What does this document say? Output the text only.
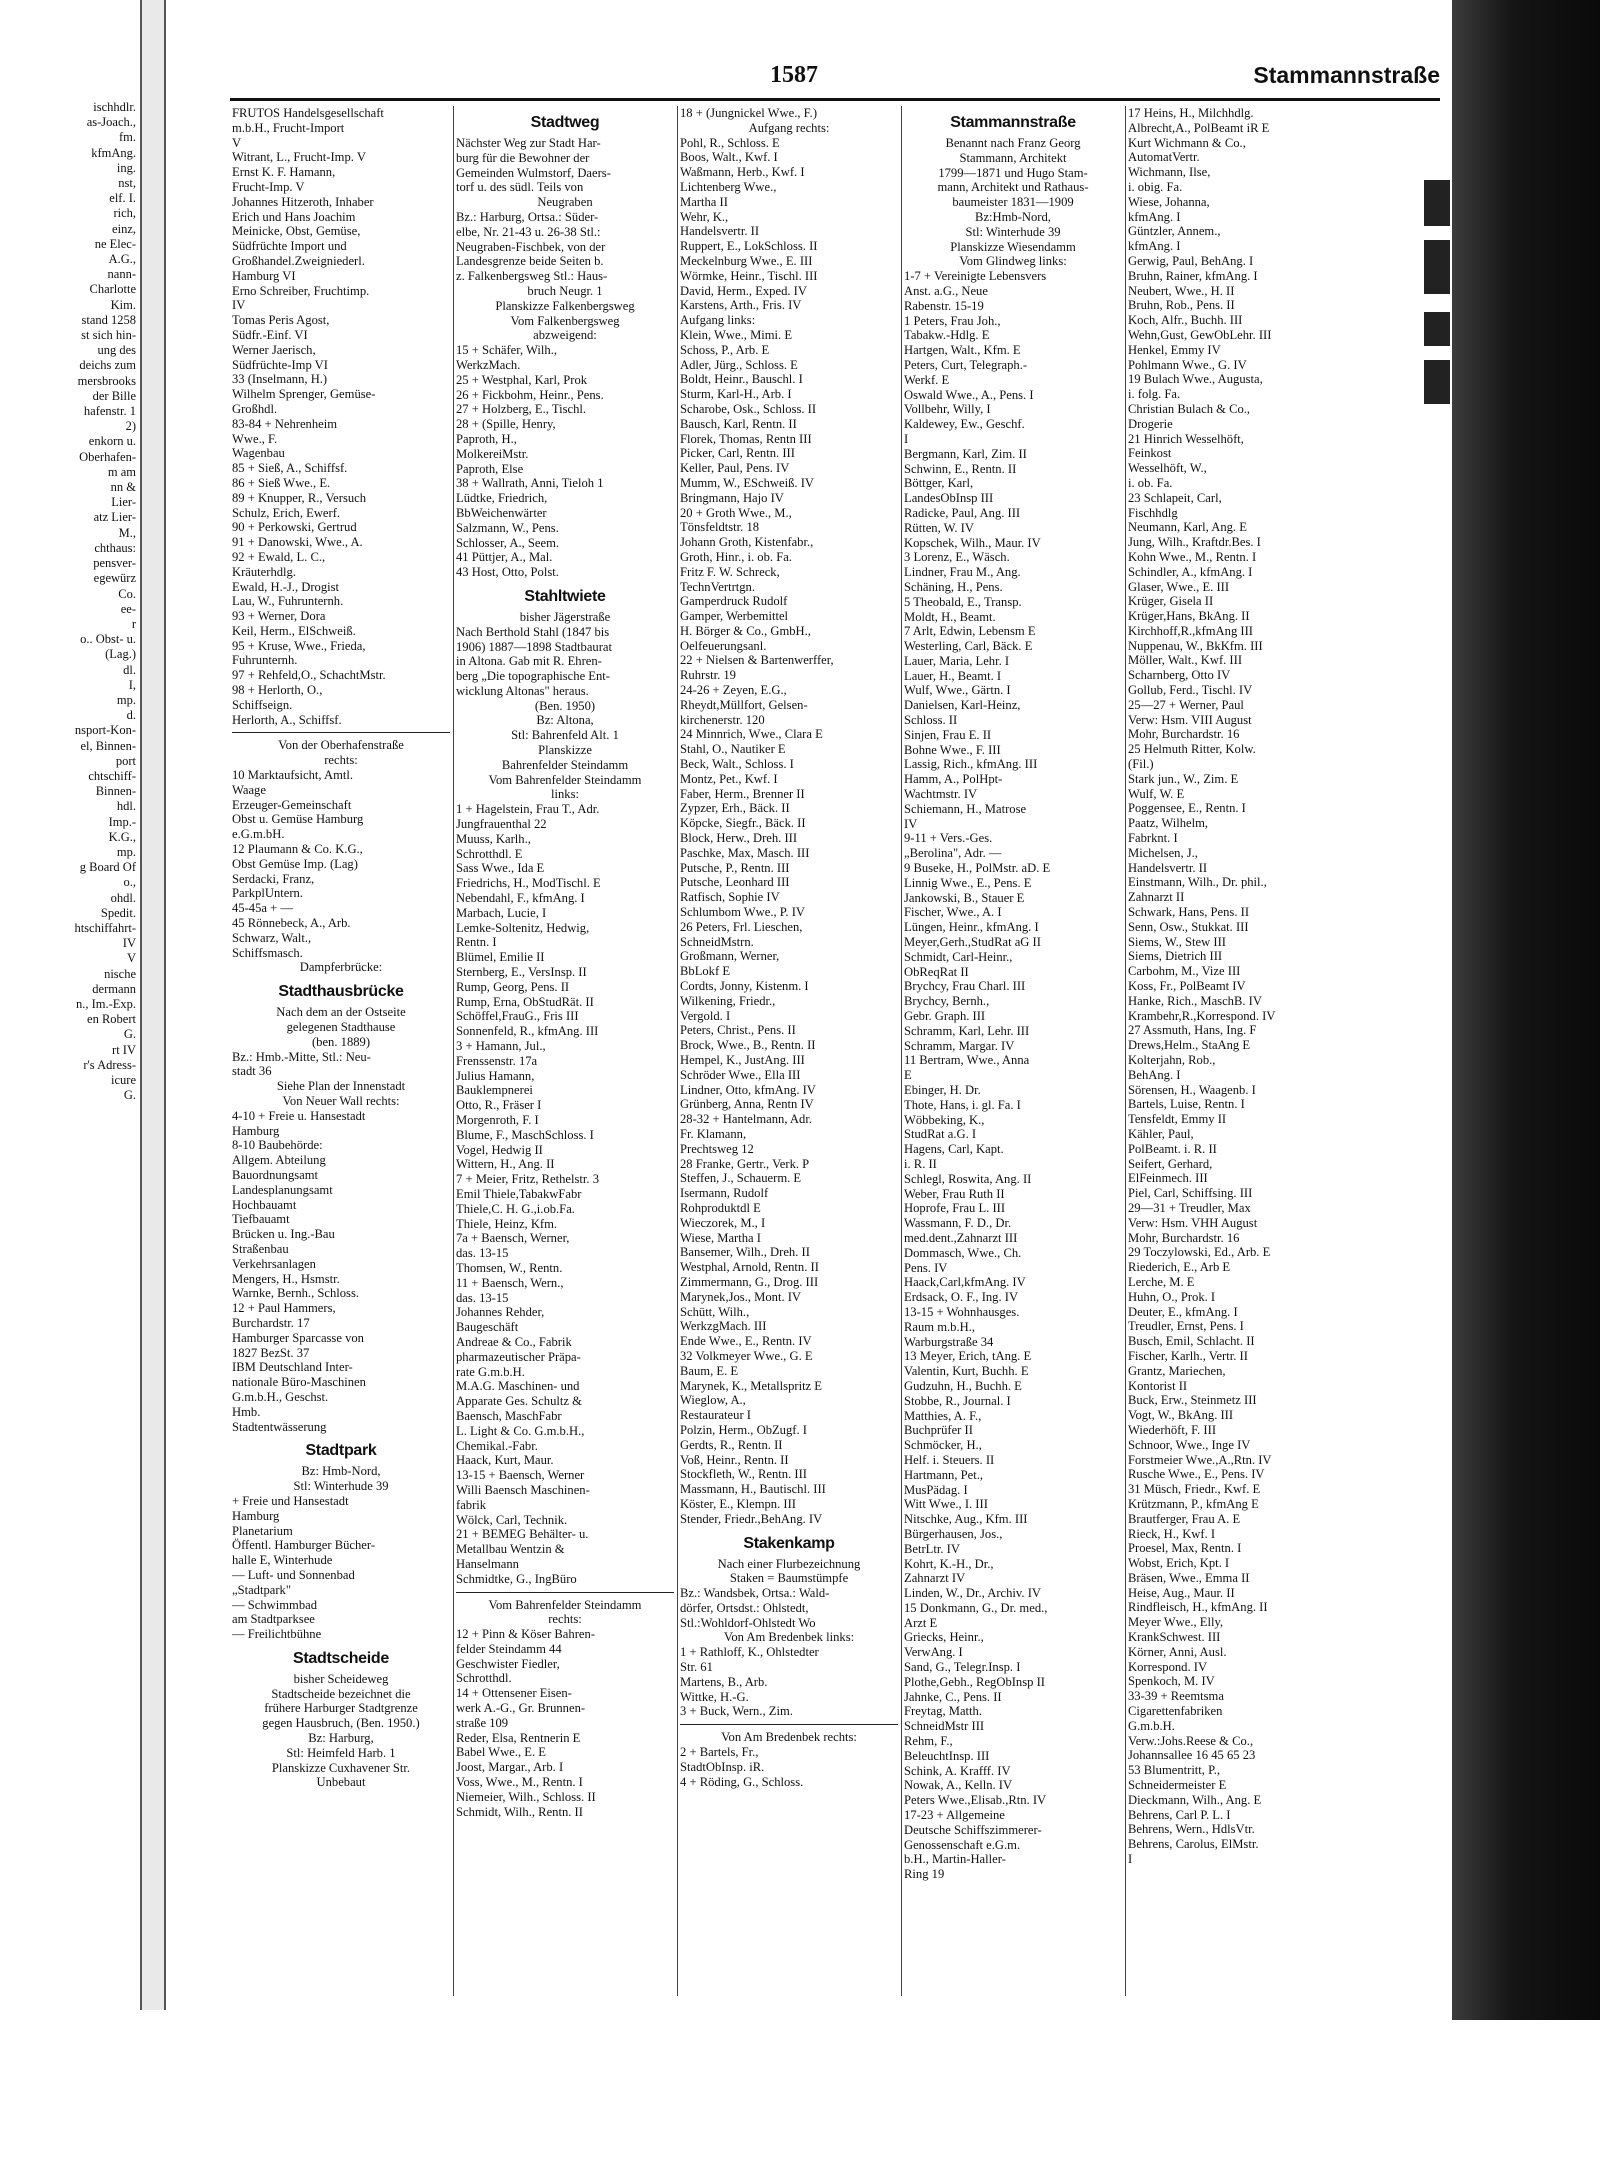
ischhdlr.
as-Joach.,
fm.
kfmAng.
ing.
nst,
elf. I.
rich,
einz,
ne Elec-
A.G.,
nann-
Charlotte
Kim.
stand 1258
st sich hin-
ung des
deichs zum
mersbrooks
der Bille
hafenstr. 1
2)
enkorn u.
Oberhafen-
m am
nn &
Lier-
atz Lier-
M.,
chthaus:
pensver-
egewürz
Co.
ee-
r
o.. Obst- u.
(Lag.)
dl.
I,
mp.
d.
nsport-Kon-
el, Binnen-
port
chtschiff-
Binnen-
hdl.
Imp.-
K.G.,
mp.
g Board Of
o.,
ohdl.
Spedit.
htschiffahrt-
IV
V
nische
dermann
n., Im.-Exp.
en Robert
G.
rt IV
r's Adress-
icure
G.
1587	Stammannstraße
FRUTOS Handelsgesellschaft
m.b.H., Frucht-Import
V
Witrant, L., Frucht-Imp. V
Ernst K. F. Hamann,
Frucht-Imp. V
Johannes Hitzeroth, Inhaber
Erich und Hans Joachim
Meinicke, Obst, Gemüse,
Südfrüchte Import und
Großhandel.Zweigniederl.
Hamburg VI
Erno Schreiber, Fruchtimp.
IV
Tomas Peris Agost,
Südfr.-Einf. VI
Werner Jaerisch,
Südfrüchte-Imp VI
33 (Inselmann, H.)
Wilhelm Sprenger, Gemüse-
Großhdl.
83-84 + Nehrenheim
Wwe., F.
Wagenbau
85 + Sieß, A., Schiffsf.
86 + Sieß Wwe., E.
89 + Knupper, R., Versuch
Schulz, Erich, Ewerf.
90 + Perkowski, Gertrud
91 + Danowski, Wwe., A.
92 + Ewald, L. C.,
Kräuterhdlg.
Ewald, H.-J., Drogist
Lau, W., Fuhrunternh.
93 + Werner, Dora
Keil, Herm., ElSchweiß.
95 + Kruse, Wwe., Frieda,
Fuhrunternh.
97 + Rehfeld,O., SchachtMstr.
98 + Herlorth, O.,
Schiffseign.
Herlorth, A., Schiffsf.
Von der Oberhafenstraße
rechts:
10 Marktaufsicht, Amtl.
Waage
Erzeuger-Gemeinschaft
Obst u. Gemüse Hamburg
e.G.m.bH.
12 Plaumann & Co. K.G.,
Obst Gemüse Imp. (Lag)
Serdacki, Franz,
ParkplUntern.
45-45a + —
45 Rönnebeck, A., Arb.
Schwarz, Walt.,
Schiffsmasch.
Dampferbrücke:
Stadthausbrücke
Nach dem an der Ostseite
gelegenen Stadthause
(ben. 1889)
Bz.: Hmb.-Mitte, Stl.: Neu-
stadt 36
Siehe Plan der Innenstadt
Von Neuer Wall rechts:
4-10 + Freie u. Hansestadt
Hamburg
8-10 Baubehörde:
Allgem. Abteilung
Bauordnungsamt
Landesplanungsamt
Hochbauamt
Tiefbauamt
Brücken u. Ing.-Bau
Straßenbau
Verkehrsanlagen
Mengers, H., Hsmstr.
Warnke, Bernh., Schloss.
12 + Paul Hammers,
Burchardstr. 17
Hamburger Sparcasse von
1827 BezSt. 37
IBM Deutschland Inter-
nationale Büro-Maschinen
G.m.b.H., Geschst.
Hmb.
Stadtentwässerung
Stadtpark
Bz: Hmb-Nord,
Stl: Winterhude 39
+ Freie und Hansestadt
Hamburg
Planetarium
Öffentl. Hamburger Bücher-
halle E, Winterhude
— Luft- und Sonnenbad
„Stadtpark"
— Schwimmbad
am Stadtparksee
— Freilichtbühne
Stadtscheide
bisher Scheideweg
Stadtscheide bezeichnet die
frühere Harburger Stadtgrenze
gegen Hausbruch, (Ben. 1950.)
Bz: Harburg,
Stl: Heimfeld Harb. 1
Planskizze Cuxhavener Str.
Unbebaut
Stadtweg
Nächster Weg zur Stadt Har-
burg für die Bewohner der
Gemeinden Wulmstorf, Daers-
torf u. des südl. Teils von
Neugraben
Bz.: Harburg, Ortsa.: Süder-
elbe, Nr. 21-43 u. 26-38 Stl.:
Neugraben-Fischbek, von der
Landesgrenze beide Seiten b.
z. Falkenbergsweg Stl.: Haus-
bruch Neugr. 1
Planskizze Falkenbergsweg
Vom Falkenbergsweg
abzweigend:
15 + Schäfer, Wilh.,
WerkzMach.
25 + Westphal, Karl, Prok
26 + Fickbohm, Heinr., Pens.
27 + Holzberg, E., Tischl.
28 + (Spille, Henry,
Paproth, H.,
MolkereiMstr.
Paproth, Else
38 + Wallrath, Anni, Tieloh 1
Lüdtke, Friedrich,
BbWeichenwärter
Salzmann, W., Pens.
Schlosser, A., Seem.
41 Püttjer, A., Mal.
43 Host, Otto, Polst.
Stahltwiete
bisher Jägerstraße
Nach Berthold Stahl (1847 bis
1906) 1887—1898 Stadtbaurat
in Altona. Gab mit R. Ehren-
berg „Die topographische Ent-
wicklung Altonas" heraus.
(Ben. 1950)
Bz: Altona,
Stl: Bahrenfeld Alt. 1
Planskizze
Bahrenfelder Steindamm
Vom Bahrenfelder Steindamm
links:
1 + Hagelstein, Frau T., Adr.
Jungfrauenthal 22
Muuss, Karlh.,
Schrotthdl. E
Sass Wwe., Ida E
Friedrichs, H., ModTischl. E
Nebendahl, F., kfmAng. I
Marbach, Lucie, I
Lemke-Soltenitz, Hedwig,
Rentn. I
Blümel, Emilie II
Sternberg, E., VersInsp. II
Rump, Georg, Pens. II
Rump, Erna, ObStudRät. II
Schöffel,FrauG., Fris III
Sonnenfeld, R., kfmAng. III
3 + Hamann, Jul.,
Frenssenstr. 17a
Julius Hamann,
Bauklempnerei
Otto, R., Fräser I
Morgenroth, F. I
Blume, F., MaschSchloss. I
Vogel, Hedwig II
Wittern, H., Ang. II
7 + Meier, Fritz, Rethelstr. 3
Emil Thiele,TabakwFabr
Thiele,C. H. G.,i.ob.Fa.
Thiele, Heinz, Kfm.
7a + Baensch, Werner,
das. 13-15
Thomsen, W., Rentn.
11 + Baensch, Wern.,
das. 13-15
Johannes Rehder,
Baugeschäft
Andreae & Co., Fabrik
pharmazeutischer Präpa-
rate G.m.b.H.
M.A.G. Maschinen- und
Apparate Ges. Schultz &
Baensch, MaschFabr
L. Light & Co. G.m.b.H.,
Chemikal.-Fabr.
Haack, Kurt, Maur.
13-15 + Baensch, Werner
Willi Baensch Maschinen-
fabrik
Wölck, Carl, Technik.
21 + BEMEG Behälter- u.
Metallbau Wentzin &
Hanselmann
Schmidtke, G., IngBüro
Vom Bahrenfelder Steindamm
rechts:
12 + Pinn & Köser Bahren-
felder Steindamm 44
Geschwister Fiedler,
Schrotthdl.
14 + Ottensener Eisen-
werk A.-G., Gr. Brunnen-
straße 109
Reder, Elsa, Rentnerin E
Babel Wwe., E. E
Joost, Margar., Arb. I
Voss, Wwe., M., Rentn. I
Niemeier, Wilh., Schloss. II
Schmidt, Wilh., Rentn. II
18 + (Jungnickel Wwe., F.)
Aufgang rechts:
Pohl, R., Schloss. E
Boos, Walt., Kwf. I
Waßmann, Herb., Kwf. I
Lichtenberg Wwe.,
Martha II
Wehr, K.,
Handelsvertr. II
Ruppert, E., LokSchloss. II
Meckelnburg Wwe., E. III
Wörmke, Heinr., Tischl. III
David, Herm., Exped. IV
Karstens, Arth., Fris. IV
Aufgang links:
Klein, Wwe., Mimi. E
Schoss, P., Arb. E
Adler, Jürg., Schloss. E
Boldt, Heinr., Bauschl. I
Sturm, Karl-H., Arb. I
Scharobe, Osk., Schloss. II
Bausch, Karl, Rentn. II
Florek, Thomas, Rentn III
Picker, Carl, Rentn. III
Keller, Paul, Pens. IV
Mumm, W., ESchweiß. IV
Bringmann, Hajo IV
20 + Groth Wwe., M.,
Tönsfeldtstr. 18
Johann Groth, Kistenfabr.,
Groth, Hinr., i. ob. Fa.
Fritz F. W. Schreck,
TechnVertrtgn.
Gamperdruck Rudolf
Gamper, Werbemittel
H. Börger & Co., GmbH.,
Oelfeuerungsanl.
22 + Nielsen & Bartenwerffer,
Ruhrstr. 19
24-26 + Zeyen, E.G.,
Rheydt,Müllfort, Gelsen-
kirchenerstr. 120
24 Minnrich, Wwe., Clara E
Stahl, O., Nautiker E
Beck, Walt., Schloss. I
Montz, Pet., Kwf. I
Faber, Herm., Brenner II
Zypzer, Erh., Bäck. II
Köpcke, Siegfr., Bäck. II
Block, Herw., Dreh. III
Paschke, Max, Masch. III
Putsche, P., Rentn. III
Putsche, Leonhard III
Ratfisch, Sophie IV
Schlumbom Wwe., P. IV
26 Peters, Frl. Lieschen,
SchneidMstrn.
Großmann, Werner,
BbLokf E
Cordts, Jonny, Kistenm. I
Wilkening, Friedr.,
Vergold. I
Peters, Christ., Pens. II
Brock, Wwe., B., Rentn. II
Hempel, K., JustAng. III
Schröder Wwe., Ella III
Lindner, Otto, kfmAng. IV
Grünberg, Anna, Rentn IV
28-32 + Hantelmann, Adr.
Fr. Klamann,
Prechtsweg 12
28 Franke, Gertr., Verk. P
Steffen, J., Schauerm. E
Isermann, Rudolf
Rohproduktdl E
Wieczorek, M., I
Wiese, Martha I
Bansemer, Wilh., Dreh. II
Westphal, Arnold, Rentn. II
Zimmermann, G., Drog. III
Marynek,Jos., Mont. IV
Schütt, Wilh.,
WerkzgMach. III
Ende Wwe., E., Rentn. IV
32 Volkmeyer Wwe., G. E
Baum, E. E
Marynek, K., Metallspritz E
Wieglow, A.,
Restaurateur I
Polzin, Herm., ObZugf. I
Gerdts, R., Rentn. II
Voß, Heinr., Rentn. II
Stockfleth, W., Rentn. III
Massmann, H., Bautischl. III
Köster, E., Klempn. III
Stender, Friedr.,BehAng. IV
Stakenkamp
Nach einer Flurbezeichnung
Staken = Baumstümpfe
Bz.: Wandsbek, Ortsa.: Wald-
dörfer, Ortsdst.: Ohlstedt,
Stl.:Wohldorf-Ohlstedt Wo
Von Am Bredenbek links:
1 + Rathloff, K., Ohlstedter
Str. 61
Martens, B., Arb.
Wittke, H.-G.
3 + Buck, Wern., Zim.
Von Am Bredenbek rechts:
2 + Bartels, Fr.,
StadtObInsp. iR.
4 + Röding, G., Schloss.
Stammannstraße
Benannt nach Franz Georg
Stammann, Architekt
1799—1871 und Hugo Stam-
mann, Architekt und Rathaus-
baumeister 1831—1909
Bz:Hmb-Nord,
Stl: Winterhude 39
Planskizze Wiesendamm
Vom Glindweg links:
1-7 + Vereinigte Lebensvers
Anst. a.G., Neue
Rabenstr. 15-19
1 Peters, Frau Joh.,
Tabakw.-Hdlg. E
Hartgen, Walt., Kfm. E
Peters, Curt, Telegraph.-
Werkf. E
Oswald Wwe., A., Pens. I
Vollbehr, Willy, I
Kaldewey, Ew., Geschf.
I
Bergmann, Karl, Zim. II
Schwinn, E., Rentn. II
Böttger, Karl,
LandesObInsp III
Radicke, Paul, Ang. III
Rütten, W. IV
Kopschek, Wilh., Maur. IV
3 Lorenz, E., Wäsch.
Lindner, Frau M., Ang.
Schäning, H., Pens.
5 Theobald, E., Transp.
Moldt, H., Beamt.
7 Arlt, Edwin, Lebensm E
Westerling, Carl, Bäck. E
Lauer, Maria, Lehr. I
Lauer, H., Beamt. I
Wulf, Wwe., Gärtn. I
Danielsen, Karl-Heinz,
Schloss. II
Sinjen, Frau E. II
Bohne Wwe., F. III
Lassig, Rich., kfmAng. III
Hamm, A., PolHpt-
Wachtmstr. IV
Schiemann, H., Matrose
IV
9-11 + Vers.-Ges.
„Berolina", Adr. —
9 Buseke, H., PolMstr. aD. E
Linnig Wwe., E., Pens. E
Jankowski, B., Stauer E
Fischer, Wwe., A. I
Lüngen, Heinr., kfmAng. I
Meyer,Gerh.,StudRat aG II
Schmidt, Carl-Heinr.,
ObReqRat II
Brychcy, Frau Charl. III
Brychcy, Bernh.,
Gebr. Graph. III
Schramm, Karl, Lehr. III
Schramm, Margar. IV
11 Bertram, Wwe., Anna
E
Ebinger, H. Dr.
Thote, Hans, i. gl. Fa. I
Wöbbeking, K.,
StudRat a.G. I
Hagens, Carl, Kapt.
i. R. II
Schlegl, Roswita, Ang. II
Weber, Frau Ruth II
Hoprofe, Frau L. III
Wassmann, F. D., Dr.
med.dent.,Zahnarzt III
Dommasch, Wwe., Ch.
Pens. IV
Haack,Carl,kfmAng. IV
Erdsack, O. F., Ing. IV
13-15 + Wohnhausges.
Raum m.b.H.,
Warburgstraße 34
13 Meyer, Erich, tAng. E
Valentin, Kurt, Buchh. E
Gudzuhn, H., Buchh. E
Stobbe, R., Journal. I
Matthies, A. F.,
Buchprüfer II
Schmöcker, H.,
Helf. i. Steuers. II
Hartmann, Pet.,
MusPädag. I
Witt Wwe., I. III
Nitschke, Aug., Kfm. III
Bürgerhausen, Jos.,
BetrLtr. IV
Kohrt, K.-H., Dr.,
Zahnarzt IV
Linden, W., Dr., Archiv. IV
15 Donkmann, G., Dr. med.,
Arzt E
Griecks, Heinr.,
VerwAng. I
Sand, G., Telegr.Insp. I
Plothe,Gebh., RegObInsp II
Jahnke, C., Pens. II
Freytag, Matth.
SchneidMstr III
Rehm, F.,
BeleuchtInsp. III
Schink, A. Krafff. IV
Nowak, A., Kelln. IV
Peters Wwe.,Elisab.,Rtn. IV
17-23 + Allgemeine
Deutsche Schiffszimmerer-
Genossenschaft e.G.m.
b.H., Martin-Haller-
Ring 19
17 Heins, H., Milchhdlg.
Albrecht,A., PolBeamt iR E
Kurt Wichmann & Co.,
AutomatVertr.
Wichmann, Ilse,
i. obig. Fa.
Wiese, Johanna,
kfmAng. I
Güntzler, Annem.,
kfmAng. I
Gerwig, Paul, BehAng. I
Bruhn, Rainer, kfmAng. I
Neubert, Wwe., H. II
Bruhn, Rob., Pens. II
Koch, Alfr., Buchh. III
Wehn,Gust, GewObLehr. III
Henkel, Emmy IV
Pohlmann Wwe., G. IV
19 Bulach Wwe., Augusta,
i. folg. Fa.
Christian Bulach & Co.,
Drogerie
21 Hinrich Wesselhöft,
Feinkost
Wesselhöft, W.,
i. ob. Fa.
23 Schlapeit, Carl,
Fischhdlg
Neumann, Karl, Ang. E
Jung, Wilh., Kraftdr.Bes. I
Kohn Wwe., M., Rentn. I
Schindler, A., kfmAng. I
Glaser, Wwe., E. III
Krüger, Gisela II
Krüger,Hans, BkAng. II
Kirchhoff,R.,kfmAng III
Nuppenau, W., BkKfm. III
Möller, Walt., Kwf. III
Scharnberg, Otto IV
Gollub, Ferd., Tischl. IV
25—27 + Werner, Paul
Verw: Hsm. VIII August
Mohr, Burchardstr. 16
25 Helmuth Ritter, Kolw.
(Fil.)
Stark jun., W., Zim. E
Wulf, W. E
Poggensee, E., Rentn. I
Paatz, Wilhelm,
Fabrknt. I
Michelsen, J.,
Handelsvertr. II
Einstmann, Wilh., Dr. phil.,
Zahnarzt II
Schwark, Hans, Pens. II
Senn, Osw., Stukkat. III
Siems, W., Stew III
Siems, Dietrich III
Carbohm, M., Vize III
Koss, Fr., PolBeamt IV
Hanke, Rich., MaschB. IV
Krambehr,R.,Korrespond. IV
27 Assmuth, Hans, Ing. F
Drews,Helm., StaAng E
Kolterjahn, Rob.,
BehAng. I
Sörensen, H., Waagenb. I
Bartels, Luise, Rentn. I
Tensfeldt, Emmy II
Kähler, Paul,
PolBeamt. i. R. II
Seifert, Gerhard,
ElFeinmech. III
Piel, Carl, Schiffsing. III
29—31 + Treudler, Max
Verw: Hsm. VHH August
Mohr, Burchardstr. 16
29 Toczylowski, Ed., Arb. E
Riederich, E., Arb E
Lerche, M. E
Huhn, O., Prok. I
Deuter, E., kfmAng. I
Treudler, Ernst, Pens. I
Busch, Emil, Schlacht. II
Fischer, Karlh., Vertr. II
Grantz, Mariechen,
Kontorist II
Buck, Erw., Steinmetz III
Vogt, W., BkAng. III
Wiederhöft, F. III
Schnoor, Wwe., Inge IV
Forstmeier Wwe.,A.,Rtn. IV
Rusche Wwe., E., Pens. IV
31 Müsch, Friedr., Kwf. E
Krützmann, P., kfmAng E
Brautferger, Frau A. E
Rieck, H., Kwf. I
Proesel, Max, Rentn. I
Wobst, Erich, Kpt. I
Bräsen, Wwe., Emma II
Heise, Aug., Maur. II
Rindfleisch, H., kfmAng. II
Meyer Wwe., Elly,
KrankSchwest. III
Körner, Anni, Ausl.
Korrespond. IV
Spenkoch, M. IV
33-39 + Reemtsma
Cigarettenfabriken
G.m.b.H.
Verw.:Johs.Reese & Co.,
Johannsallee 16 45 65 23
53 Blumentritt, P.,
Schneidermeister E
Dieckmann, Wilh., Ang. E
Behrens, Carl P. L. I
Behrens, Wern., HdlsVtr.
Behrens, Carolus, ElMstr.
I
